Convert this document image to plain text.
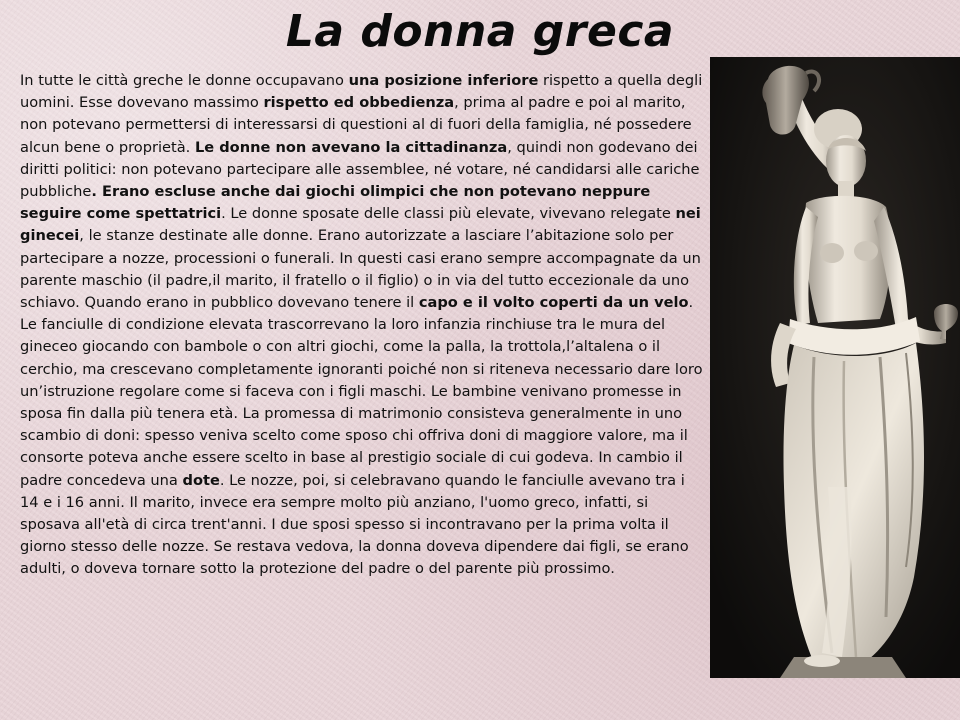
La donna greca

In tutte le città greche le donne occupavano una posizione inferiore rispetto a quella degli uomini. Esse dovevano massimo rispetto ed obbedienza, prima al padre e poi al marito, non potevano permettersi di interessarsi di questioni al di fuori della famiglia, né possedere alcun bene o proprietà. Le donne non avevano la cittadinanza, quindi non godevano dei diritti politici: non potevano partecipare alle assemblee, né votare, né candidarsi alle cariche pubbliche. Erano escluse anche dai giochi olimpici che non potevano neppure seguire come spettatrici. Le donne sposate delle classi più elevate, vivevano relegate nei ginecei, le stanze destinate alle donne. Erano autorizzate a lasciare l’abitazione solo per partecipare a nozze, processioni o funerali. In questi casi erano sempre accompagnate da un parente maschio (il padre,il marito, il fratello o il figlio) o in via del tutto eccezionale da uno schiavo. Quando erano in pubblico dovevano tenere il capo e il volto coperti da un velo. Le fanciulle di condizione elevata trascorrevano la loro infanzia rinchiuse tra le mura del gineceo giocando con bambole o con altri giochi, come la palla, la trottola,l’altalena o il cerchio, ma crescevano completamente ignoranti poiché non si riteneva necessario dare loro un’istruzione regolare come si faceva con i figli maschi. Le bambine venivano promesse in sposa fin dalla più tenera età. La promessa di matrimonio consisteva generalmente in uno scambio di doni: spesso veniva scelto come sposo chi offriva doni di maggiore valore, ma il consorte poteva anche essere scelto in base al prestigio sociale di cui godeva. In cambio il padre concedeva una dote. Le nozze, poi, si celebravano quando le fanciulle avevano tra i 14 e i 16 anni. Il marito, invece era sempre molto più anziano, l'uomo greco, infatti, si sposava all'età di circa trent'anni. I due sposi spesso si incontravano per la prima volta il giorno stesso delle nozze. Se restava vedova, la donna doveva dipendere dai figli, se erano adulti, o doveva tornare sotto la protezione del padre o del parente più prossimo.
